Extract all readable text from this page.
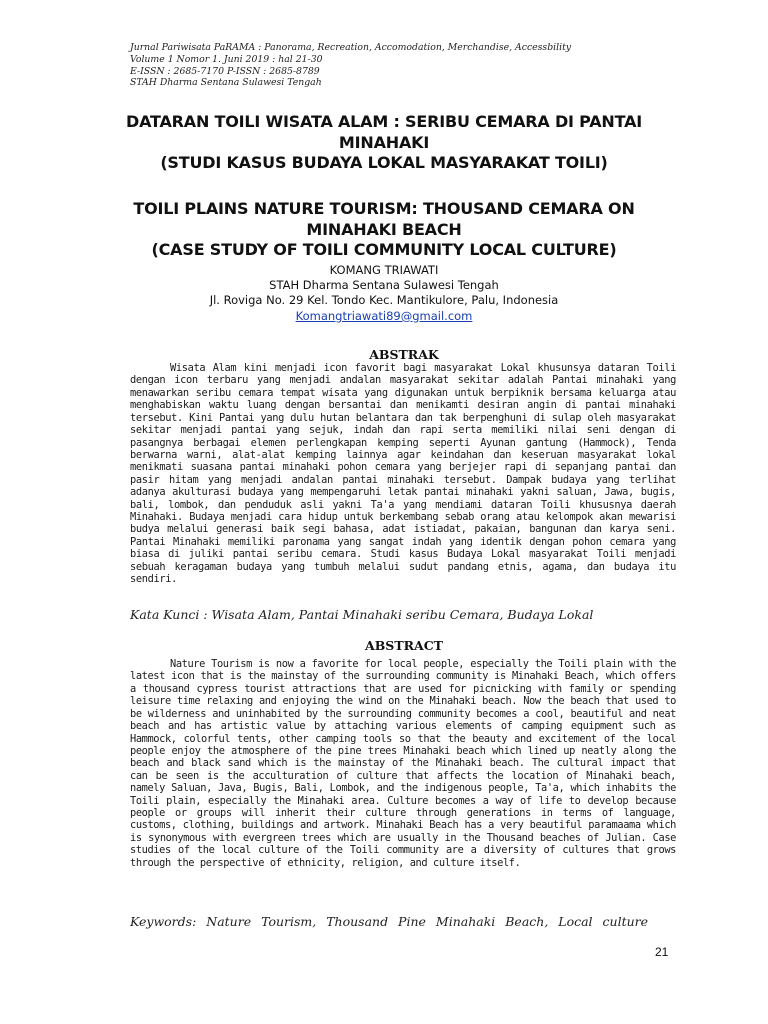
Jurnal Pariwisata PaRAMA : Panorama, Recreation, Accomodation, Merchandise, Accessbility
Volume 1 Nomor 1. Juni 2019 : hal 21-30
E-ISSN : 2685-7170 P-ISSN : 2685-8789
STAH Dharma Sentana Sulawesi Tengah
DATARAN TOILI WISATA ALAM : SERIBU CEMARA DI PANTAI
MINAHAKI
(STUDI KASUS BUDAYA LOKAL MASYARAKAT TOILI)
TOILI PLAINS NATURE TOURISM: THOUSAND CEMARA ON
MINAHAKI BEACH
(CASE STUDY OF TOILI COMMUNITY LOCAL CULTURE)
KOMANG TRIAWATI
STAH Dharma Sentana Sulawesi Tengah
Jl. Roviga No. 29 Kel. Tondo Kec. Mantikulore, Palu, Indonesia
Komangtriawati89@gmail.com
ABSTRAK
Wisata Alam kini menjadi icon favorit bagi masyarakat Lokal khusunsya dataran Toili dengan icon terbaru yang menjadi andalan masyarakat sekitar adalah Pantai minahaki yang menawarkan seribu cemara tempat wisata yang digunakan untuk berpiknik bersama keluarga atau menghabiskan waktu luang dengan bersantai dan menikamti desiran angin di pantai minahaki tersebut. Kini Pantai yang dulu hutan belantara dan tak berpenghuni di sulap oleh masyarakat sekitar menjadi pantai yang sejuk, indah dan rapi serta memiliki nilai seni dengan di pasangnya berbagai elemen perlengkapan kemping seperti Ayunan gantung (Hammock), Tenda berwarna warni, alat-alat kemping lainnya agar keindahan dan keseruan masyarakat lokal menikmati suasana pantai minahaki pohon cemara yang berjejer rapi di sepanjang pantai dan pasir hitam yang menjadi andalan pantai minahaki tersebut. Dampak budaya yang terlihat adanya akulturasi budaya yang mempengaruhi letak pantai minahaki yakni saluan, Jawa, bugis, bali, lombok, dan penduduk asli yakni Ta'a yang mendiami dataran Toili khususnya daerah Minahaki. Budaya menjadi cara hidup untuk berkembang sebab orang atau kelompok akan mewarisi budya melalui generasi baik segi bahasa, adat istiadat, pakaian, bangunan dan karya seni. Pantai Minahaki memiliki paronama yang sangat indah yang identik dengan pohon cemara yang biasa di juliki pantai seribu cemara. Studi kasus Budaya Lokal masyarakat Toili menjadi sebuah keragaman budaya yang tumbuh melalui sudut pandang etnis, agama, dan budaya itu sendiri.
Kata Kunci : Wisata Alam, Pantai Minahaki seribu Cemara, Budaya Lokal
ABSTRACT
Nature Tourism is now a favorite for local people, especially the Toili plain with the latest icon that is the mainstay of the surrounding community is Minahaki Beach, which offers a thousand cypress tourist attractions that are used for picnicking with family or spending leisure time relaxing and enjoying the wind on the Minahaki beach. Now the beach that used to be wilderness and uninhabited by the surrounding community becomes a cool, beautiful and neat beach and has artistic value by attaching various elements of camping equipment such as Hammock, colorful tents, other camping tools so that the beauty and excitement of the local people enjoy the atmosphere of the pine trees Minahaki beach which lined up neatly along the beach and black sand which is the mainstay of the Minahaki beach. The cultural impact that can be seen is the acculturation of culture that affects the location of Minahaki beach, namely Saluan, Java, Bugis, Bali, Lombok, and the indigenous people, Ta'a, which inhabits the Toili plain, especially the Minahaki area. Culture becomes a way of life to develop because people or groups will inherit their culture through generations in terms of language, customs, clothing, buildings and artwork. Minahaki Beach has a very beautiful paramaama which is synonymous with evergreen trees which are usually in the Thousand beaches of Julian. Case studies of the local culture of the Toili community are a diversity of cultures that grows through the perspective of ethnicity, religion, and culture itself.
Keywords: Nature Tourism, Thousand Pine Minahaki Beach, Local culture
21
